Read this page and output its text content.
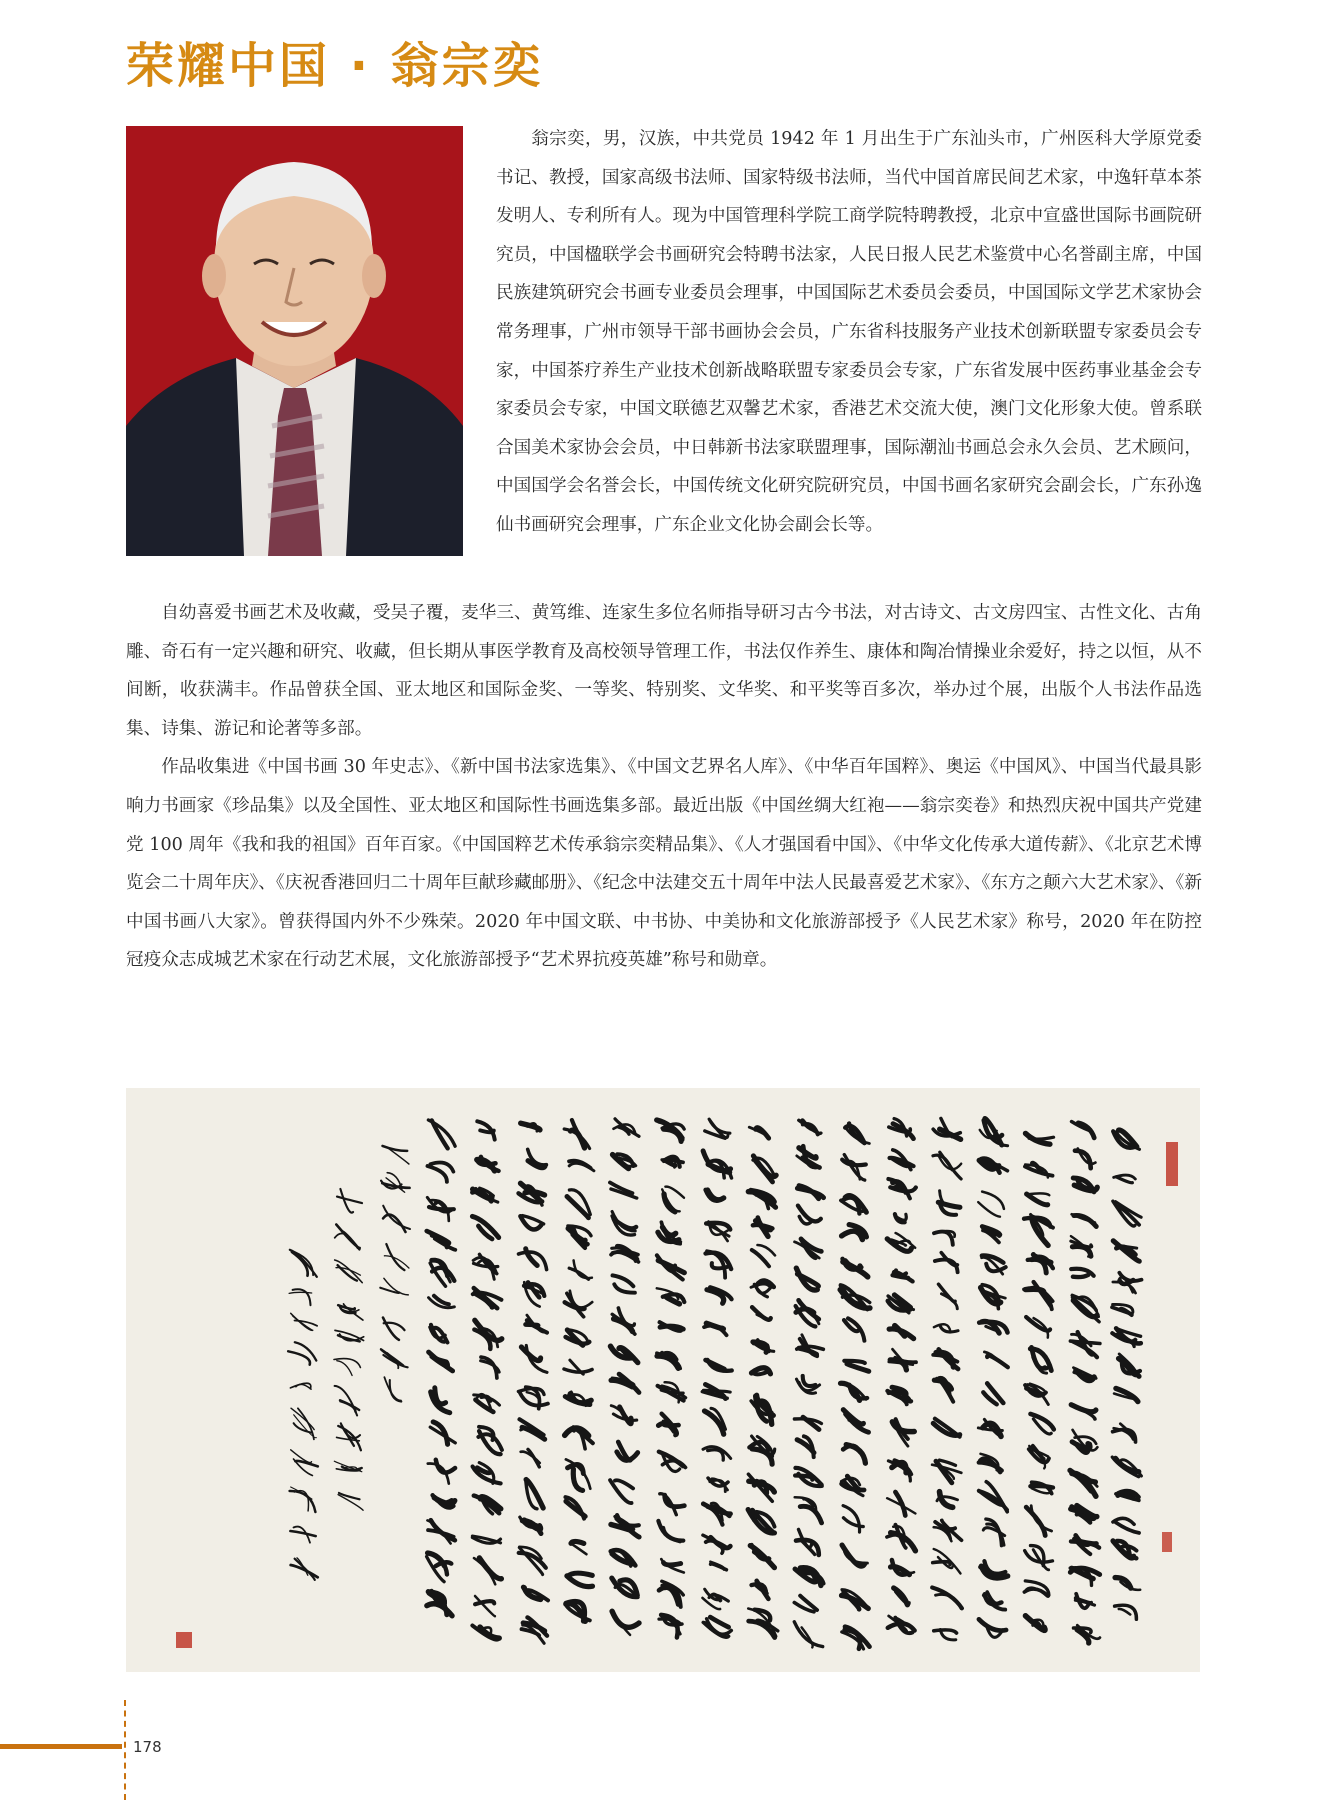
荣耀中国 · 翁宗奕

翁宗奕，男，汉族，中共党员 1942 年 1 月出生于广东汕头市，广州医科大学原党委书记、教授，国家高级书法师、国家特级书法师，当代中国首席民间艺术家，中逸轩草本茶发明人、专利所有人。现为中国管理科学院工商学院特聘教授，北京中宣盛世国际书画院研究员，中国楹联学会书画研究会特聘书法家，人民日报人民艺术鉴赏中心名誉副主席，中国民族建筑研究会书画专业委员会理事，中国国际艺术委员会委员，中国国际文学艺术家协会常务理事，广州市领导干部书画协会会员，广东省科技服务产业技术创新联盟专家委员会专家，中国茶疗养生产业技术创新战略联盟专家委员会专家，广东省发展中医药事业基金会专家委员会专家，中国文联德艺双馨艺术家，香港艺术交流大使，澳门文化形象大使。曾系联合国美术家协会会员，中日韩新书法家联盟理事，国际潮汕书画总会永久会员、艺术顾问，中国国学会名誉会长，中国传统文化研究院研究员，中国书画名家研究会副会长，广东孙逸仙书画研究会理事，广东企业文化协会副会长等。

自幼喜爱书画艺术及收藏，受吴子覆，麦华三、黄笃维、连家生多位名师指导研习古今书法，对古诗文、古文房四宝、古性文化、古角雕、奇石有一定兴趣和研究、收藏，但长期从事医学教育及高校领导管理工作，书法仅作养生、康体和陶冶情操业余爱好，持之以恒，从不间断，收获满丰。作品曾获全国、亚太地区和国际金奖、一等奖、特别奖、文华奖、和平奖等百多次，举办过个展，出版个人书法作品选集、诗集、游记和论著等多部。

作品收集进《中国书画 30 年史志》、《新中国书法家选集》、《中国文艺界名人库》、《中华百年国粹》、奥运《中国风》、中国当代最具影响力书画家《珍品集》以及全国性、亚太地区和国际性书画选集多部。最近出版《中国丝绸大红袍——翁宗奕卷》和热烈庆祝中国共产党建党 100 周年《我和我的祖国》百年百家。《中国国粹艺术传承翁宗奕精品集》、《人才强国看中国》、《中华文化传承大道传薪》、《北京艺术博览会二十周年庆》、《庆祝香港回归二十周年巨献珍藏邮册》、《纪念中法建交五十周年中法人民最喜爱艺术家》、《东方之颠六大艺术家》、《新中国书画八大家》。曾获得国内外不少殊荣。2020 年中国文联、中书协、中美协和文化旅游部授予《人民艺术家》称号，2020 年在防控冠疫众志成城艺术家在行动艺术展，文化旅游部授予“艺术界抗疫英雄”称号和勋章。

178
